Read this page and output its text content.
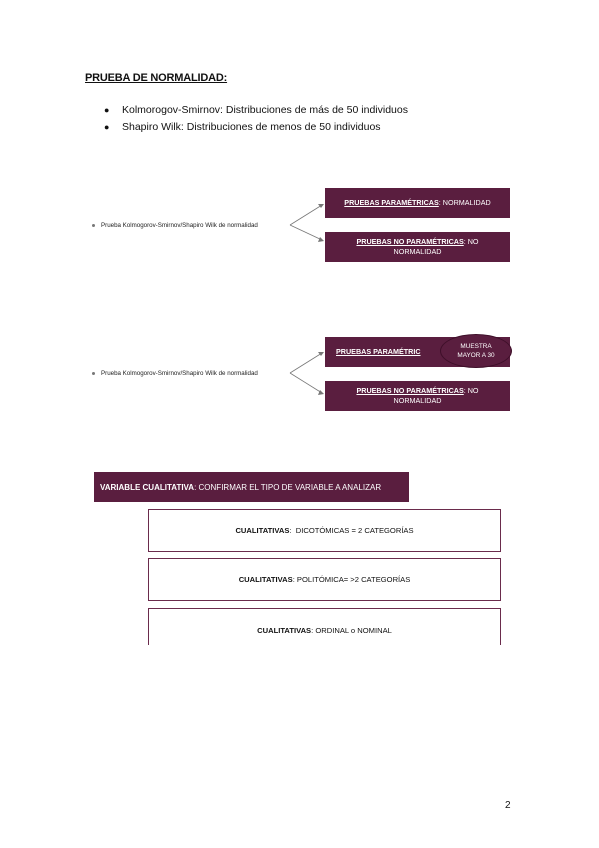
PRUEBA DE NORMALIDAD:
●	Kolmorogov-Smirnov: Distribuciones de más de 50 individuos
●	Shapiro Wilk: Distribuciones de menos de 50 individuos
Prueba Kolmogorov-Smirnov/Shapiro Wilk de normalidad
PRUEBAS PARAMÉTRICAS: NORMALIDAD
PRUEBAS NO PARAMÉTRICAS: NO
NORMALIDAD
Prueba Kolmogorov-Smirnov/Shapiro Wilk de normalidad
PRUEBAS PARAMÉTRIC
MUESTRA
MAYOR A 30
PRUEBAS NO PARAMÉTRICAS: NO
NORMALIDAD
VARIABLE CUALITATIVA : CONFIRMAR EL TIPO DE VARIABLE A ANALIZAR
CUALITATIVAS :  DICOTÓMICAS = 2 CATEGORÍAS
CUALITATIVAS : POLITÓMICA= >2 CATEGORÍAS
CUALITATIVAS : ORDINAL o NOMINAL
2
